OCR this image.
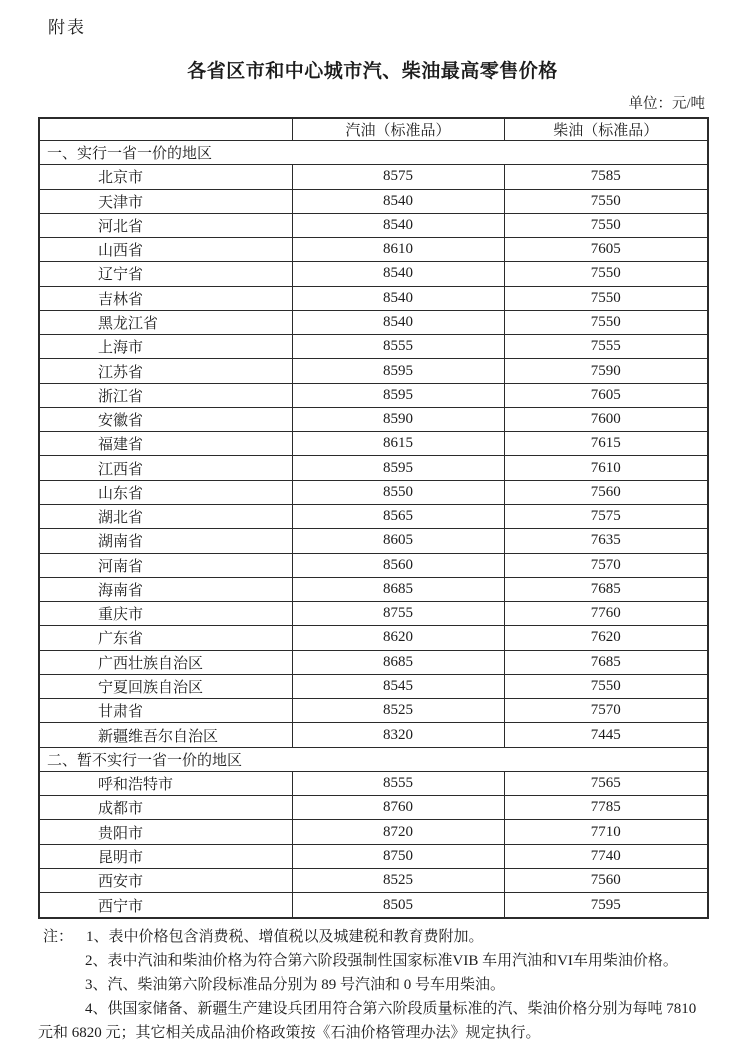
附表
各省区市和中心城市汽、柴油最高零售价格
单位：元/吨
	汽油（标准品）	柴油（标准品）
一、实行一省一价的地区		
北京市	8575	7585
天津市	8540	7550
河北省	8540	7550
山西省	8610	7605
辽宁省	8540	7550
吉林省	8540	7550
黑龙江省	8540	7550
上海市	8555	7555
江苏省	8595	7590
浙江省	8595	7605
安徽省	8590	7600
福建省	8615	7615
江西省	8595	7610
山东省	8550	7560
湖北省	8565	7575
湖南省	8605	7635
河南省	8560	7570
海南省	8685	7685
重庆市	8755	7760
广东省	8620	7620
广西壮族自治区	8685	7685
宁夏回族自治区	8545	7550
甘肃省	8525	7570
新疆维吾尔自治区	8320	7445
二、暂不实行一省一价的地区		
呼和浩特市	8555	7565
成都市	8760	7785
贵阳市	8720	7710
昆明市	8750	7740
西安市	8525	7560
西宁市	8505	7595

注： 1、表中价格包含消费税、增值税以及城建税和教育费附加。

2、表中汽油和柴油价格为符合第六阶段强制性国家标准VIB 车用汽油和VI车用柴油价格。

3、汽、柴油第六阶段标准品分别为 89 号汽油和 0 号车用柴油。

4、供国家储备、新疆生产建设兵团用符合第六阶段质量标准的汽、柴油价格分别为每吨 7810 元和 6820 元；其它相关成品油价格政策按《石油价格管理办法》规定执行。
